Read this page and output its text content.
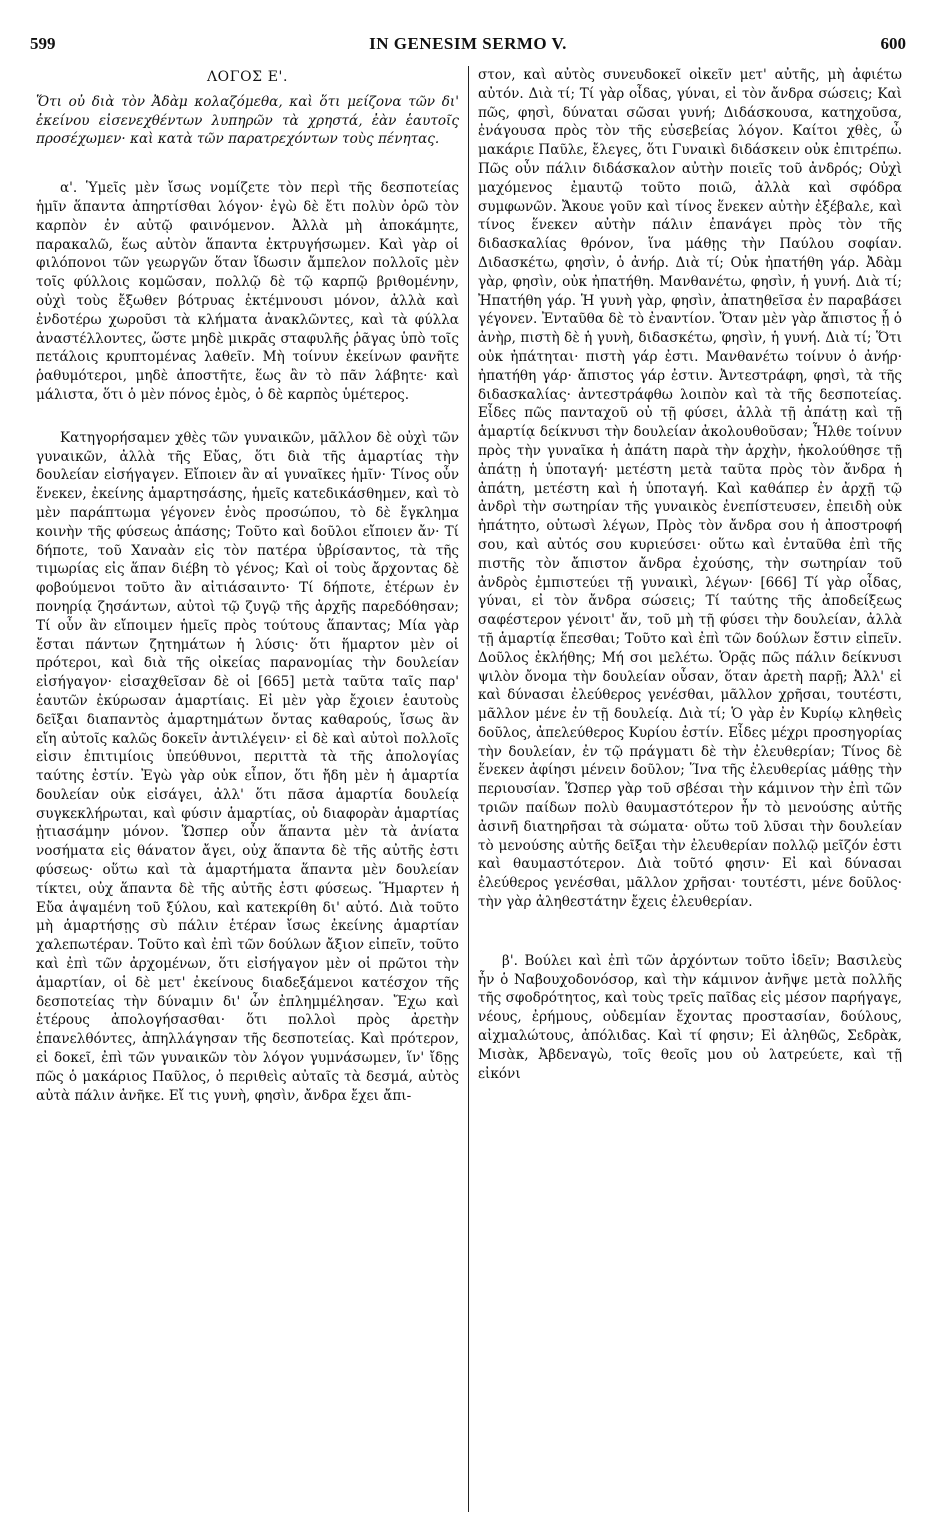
599	IN GENESIM SERMO V.	600

ΛΟΓΟΣ Ε'.

Ὅτι οὐ διὰ τὸν Ἀδὰμ κολαζόμεθα, καὶ ὅτι μείζονα τῶν δι' ἐκείνου εἰσενεχθέντων λυπηρῶν τὰ χρηστά, ἐὰν ἑαυτοῖς προσέχωμεν· καὶ κατὰ τῶν παρατρεχόντων τοὺς πένητας.

α'. Ὑμεῖς μὲν ἴσως νομίζετε τὸν περὶ τῆς δεσποτείας ἡμῖν ἅπαντα ἀπηρτίσθαι λόγον· ἐγὼ δὲ ἔτι πολὺν ὁρῶ τὸν καρπὸν ἐν αὐτῷ φαινόμενον. Ἀλλὰ μὴ ἀποκάμητε, παρακαλῶ, ἕως αὐτὸν ἅπαντα ἐκτρυγήσωμεν. Καὶ γὰρ οἱ φιλόπονοι τῶν γεωργῶν ὅταν ἴδωσιν ἄμπελον πολλοῖς μὲν τοῖς φύλλοις κομῶσαν, πολλῷ δὲ τῷ καρπῷ βριθομένην, οὐχὶ τοὺς ἔξωθεν βότρυας ἐκτέμνουσι μόνον, ἀλλὰ καὶ ἐνδοτέρω χωροῦσι τὰ κλήματα ἀνακλῶντες, καὶ τὰ φύλλα ἀναστέλλοντες, ὥστε μηδὲ μικρᾶς σταφυλῆς ῥᾶγας ὑπὸ τοῖς πετάλοις κρυπτομένας λαθεῖν. Μὴ τοίνυν ἐκείνων φανῆτε ῥαθυμότεροι, μηδὲ ἀποστῆτε, ἕως ἂν τὸ πᾶν λάβητε· καὶ μάλιστα, ὅτι ὁ μὲν πόνος ἐμὸς, ὁ δὲ καρπὸς ὑμέτερος.

Κατηγορήσαμεν χθὲς τῶν γυναικῶν, μᾶλλον δὲ οὐχὶ τῶν γυναικῶν, ἀλλὰ τῆς Εὔας, ὅτι διὰ τῆς ἁμαρτίας τὴν δουλείαν εἰσήγαγεν. Εἴποιεν ἂν αἱ γυναῖκες ἡμῖν· Τίνος οὖν ἕνεκεν, ἐκείνης ἁμαρτησάσης, ἡμεῖς κατεδικάσθημεν, καὶ τὸ μὲν παράπτωμα γέγονεν ἑνὸς προσώπου, τὸ δὲ ἔγκλημα κοινὴν τῆς φύσεως ἁπάσης; Τοῦτο καὶ δοῦλοι εἴποιεν ἄν· Τί δήποτε, τοῦ Χαναὰν εἰς τὸν πατέρα ὑβρίσαντος, τὰ τῆς τιμωρίας εἰς ἅπαν διέβη τὸ γένος; Καὶ οἱ τοὺς ἄρχοντας δὲ φοβούμενοι τοῦτο ἂν αἰτιάσαιντο· Τί δήποτε, ἑτέρων ἐν πονηρίᾳ ζησάντων, αὐτοὶ τῷ ζυγῷ τῆς ἀρχῆς παρεδόθησαν; Τί οὖν ἂν εἴποιμεν ἡμεῖς πρὸς τούτους ἅπαντας; Μία γὰρ ἔσται πάντων ζητημάτων ἡ λύσις· ὅτι ἥμαρτον μὲν οἱ πρότεροι, καὶ διὰ τῆς οἰκείας παρανομίας τὴν δουλείαν εἰσήγαγον· εἰσαχθεῖσαν δὲ οἱ [665] μετὰ ταῦτα ταῖς παρ' ἑαυτῶν ἐκύρωσαν ἁμαρτίαις. Εἰ μὲν γὰρ ἔχοιεν ἑαυτοὺς δεῖξαι διαπαντὸς ἁμαρτημάτων ὄντας καθαρούς, ἴσως ἂν εἴη αὐτοῖς καλῶς δοκεῖν ἀντιλέγειν· εἰ δὲ καὶ αὐτοὶ πολλοῖς εἰσιν ἐπιτιμίοις ὑπεύθυνοι, περιττὰ τὰ τῆς ἀπολογίας ταύτης ἐστίν. Ἐγὼ γὰρ οὐκ εἶπον, ὅτι ἤδη μὲν ἡ ἁμαρτία δουλείαν οὐκ εἰσάγει, ἀλλ' ὅτι πᾶσα ἁμαρτία δουλείᾳ συγκεκλήρωται, καὶ φύσιν ἁμαρτίας, οὐ διαφορὰν ἁμαρτίας ᾐτιασάμην μόνον. Ὥσπερ οὖν ἅπαντα μὲν τὰ ἀνίατα νοσήματα εἰς θάνατον ἄγει, οὐχ ἅπαντα δὲ τῆς αὐτῆς ἐστι φύσεως· οὕτω καὶ τὰ ἁμαρτήματα ἅπαντα μὲν δουλείαν τίκτει, οὐχ ἅπαντα δὲ τῆς αὐτῆς ἐστι φύσεως. Ἥμαρτεν ἡ Εὔα ἁψαμένη τοῦ ξύλου, καὶ κατεκρίθη δι' αὐτό. Διὰ τοῦτο μὴ ἁμαρτήσῃς σὺ πάλιν ἑτέραν ἴσως ἐκείνης ἁμαρτίαν χαλεπωτέραν. Τοῦτο καὶ ἐπὶ τῶν δούλων ἄξιον εἰπεῖν, τοῦτο καὶ ἐπὶ τῶν ἀρχομένων, ὅτι εἰσήγαγον μὲν οἱ πρῶτοι τὴν ἁμαρτίαν, οἱ δὲ μετ' ἐκείνους διαδεξάμενοι κατέσχον τῆς δεσποτείας τὴν δύναμιν δι' ὧν ἐπλημμέλησαν. Ἔχω καὶ ἑτέρους ἀπολογήσασθαι· ὅτι πολλοὶ πρὸς ἀρετὴν ἐπανελθόντες, ἀπηλλάγησαν τῆς δεσποτείας. Καὶ πρότερον, εἰ δοκεῖ, ἐπὶ τῶν γυναικῶν τὸν λόγον γυμνάσωμεν, ἵν' ἴδῃς πῶς ὁ μακάριος Παῦλος, ὁ περιθεὶς αὐταῖς τὰ δεσμά, αὐτὸς αὐτὰ πάλιν ἀνῆκε. Εἴ τις γυνὴ, φησὶν, ἄνδρα ἔχει ἄπι-

στον, καὶ αὐτὸς συνευδοκεῖ οἰκεῖν μετ' αὐτῆς, μὴ ἀφιέτω αὐτόν. Διὰ τί; Τί γὰρ οἶδας, γύναι, εἰ τὸν ἄνδρα σώσεις; Καὶ πῶς, φησὶ, δύναται σῶσαι γυνή; Διδάσκουσα, κατηχοῦσα, ἐνάγουσα πρὸς τὸν τῆς εὐσεβείας λόγον. Καίτοι χθὲς, ὦ μακάριε Παῦλε, ἔλεγες, ὅτι Γυναικὶ διδάσκειν οὐκ ἐπιτρέπω. Πῶς οὖν πάλιν διδάσκαλον αὐτὴν ποιεῖς τοῦ ἀνδρός; Οὐχὶ μαχόμενος ἐμαυτῷ τοῦτο ποιῶ, ἀλλὰ καὶ σφόδρα συμφωνῶν. Ἄκουε γοῦν καὶ τίνος ἕνεκεν αὐτὴν ἐξέβαλε, καὶ τίνος ἕνεκεν αὐτὴν πάλιν ἐπανάγει πρὸς τὸν τῆς διδασκαλίας θρόνον, ἵνα μάθῃς τὴν Παύλου σοφίαν. Διδασκέτω, φησὶν, ὁ ἀνήρ. Διὰ τί; Οὐκ ἠπατήθη γάρ. Ἀδὰμ γὰρ, φησὶν, οὐκ ἠπατήθη. Μανθανέτω, φησὶν, ἡ γυνή. Διὰ τί; Ἠπατήθη γάρ. Ἡ γυνὴ γὰρ, φησὶν, ἀπατηθεῖσα ἐν παραβάσει γέγονεν. Ἐνταῦθα δὲ τὸ ἐναντίον. Ὅταν μὲν γὰρ ἄπιστος ᾖ ὁ ἀνὴρ, πιστὴ δὲ ἡ γυνὴ, διδασκέτω, φησὶν, ἡ γυνή. Διὰ τί; Ὅτι οὐκ ἠπάτηται· πιστὴ γάρ ἐστι. Μανθανέτω τοίνυν ὁ ἀνήρ· ἠπατήθη γάρ· ἄπιστος γάρ ἐστιν. Ἀντεστράφη, φησὶ, τὰ τῆς διδασκαλίας· ἀντεστράφθω λοιπὸν καὶ τὰ τῆς δεσποτείας. Εἶδες πῶς πανταχοῦ οὐ τῇ φύσει, ἀλλὰ τῇ ἀπάτῃ καὶ τῇ ἁμαρτίᾳ δείκνυσι τὴν δουλείαν ἀκολουθοῦσαν; Ἦλθε τοίνυν πρὸς τὴν γυναῖκα ἡ ἀπάτη παρὰ τὴν ἀρχὴν, ἠκολούθησε τῇ ἀπάτῃ ἡ ὑποταγή· μετέστη μετὰ ταῦτα πρὸς τὸν ἄνδρα ἡ ἀπάτη, μετέστη καὶ ἡ ὑποταγή. Καὶ καθάπερ ἐν ἀρχῇ τῷ ἀνδρὶ τὴν σωτηρίαν τῆς γυναικὸς ἐνεπίστευσεν, ἐπειδὴ οὐκ ἠπάτητο, οὑτωσὶ λέγων, Πρὸς τὸν ἄνδρα σου ἡ ἀποστροφή σου, καὶ αὐτός σου κυριεύσει· οὕτω καὶ ἐνταῦθα ἐπὶ τῆς πιστῆς τὸν ἄπιστον ἄνδρα ἐχούσης, τὴν σωτηρίαν τοῦ ἀνδρὸς ἐμπιστεύει τῇ γυναικὶ, λέγων· [666] Τί γὰρ οἶδας, γύναι, εἰ τὸν ἄνδρα σώσεις; Τί ταύτης τῆς ἀποδείξεως σαφέστερον γένοιτ' ἄν, τοῦ μὴ τῇ φύσει τὴν δουλείαν, ἀλλὰ τῇ ἁμαρτίᾳ ἕπεσθαι; Τοῦτο καὶ ἐπὶ τῶν δούλων ἔστιν εἰπεῖν. Δοῦλος ἐκλήθης; Μή σοι μελέτω. Ὁρᾷς πῶς πάλιν δείκνυσι ψιλὸν ὄνομα τὴν δουλείαν οὖσαν, ὅταν ἀρετὴ παρῇ; Ἀλλ' εἰ καὶ δύνασαι ἐλεύθερος γενέσθαι, μᾶλλον χρῆσαι, τουτέστι, μᾶλλον μένε ἐν τῇ δουλείᾳ. Διὰ τί; Ὁ γὰρ ἐν Κυρίῳ κληθεὶς δοῦλος, ἀπελεύθερος Κυρίου ἐστίν. Εἶδες μέχρι προσηγορίας τὴν δουλείαν, ἐν τῷ πράγματι δὲ τὴν ἐλευθερίαν; Τίνος δὲ ἕνεκεν ἀφίησι μένειν δοῦλον; Ἵνα τῆς ἐλευθερίας μάθῃς τὴν περιουσίαν. Ὥσπερ γὰρ τοῦ σβέσαι τὴν κάμινον τὴν ἐπὶ τῶν τριῶν παίδων πολὺ θαυμαστότερον ἦν τὸ μενούσης αὐτῆς ἀσινῆ διατηρῆσαι τὰ σώματα· οὕτω τοῦ λῦσαι τὴν δουλείαν τὸ μενούσης αὐτῆς δεῖξαι τὴν ἐλευθερίαν πολλῷ μεῖζόν ἐστι καὶ θαυμαστότερον. Διὰ τοῦτό φησιν· Εἰ καὶ δύνασαι ἐλεύθερος γενέσθαι, μᾶλλον χρῆσαι· τουτέστι, μένε δοῦλος· τὴν γὰρ ἀληθεστάτην ἔχεις ἐλευθερίαν.

β'. Βούλει καὶ ἐπὶ τῶν ἀρχόντων τοῦτο ἰδεῖν; Βασιλεὺς ἦν ὁ Ναβουχοδονόσορ, καὶ τὴν κάμινον ἀνῆψε μετὰ πολλῆς τῆς σφοδρότητος, καὶ τοὺς τρεῖς παῖδας εἰς μέσον παρήγαγε, νέους, ἐρήμους, οὐδεμίαν ἔχοντας προστασίαν, δούλους, αἰχμαλώτους, ἀπόλιδας. Καὶ τί φησιν; Εἰ ἀληθῶς, Σεδρὰκ, Μισὰκ, Ἀβδεναγὼ, τοῖς θεοῖς μου οὐ λατρεύετε, καὶ τῇ εἰκόνι
